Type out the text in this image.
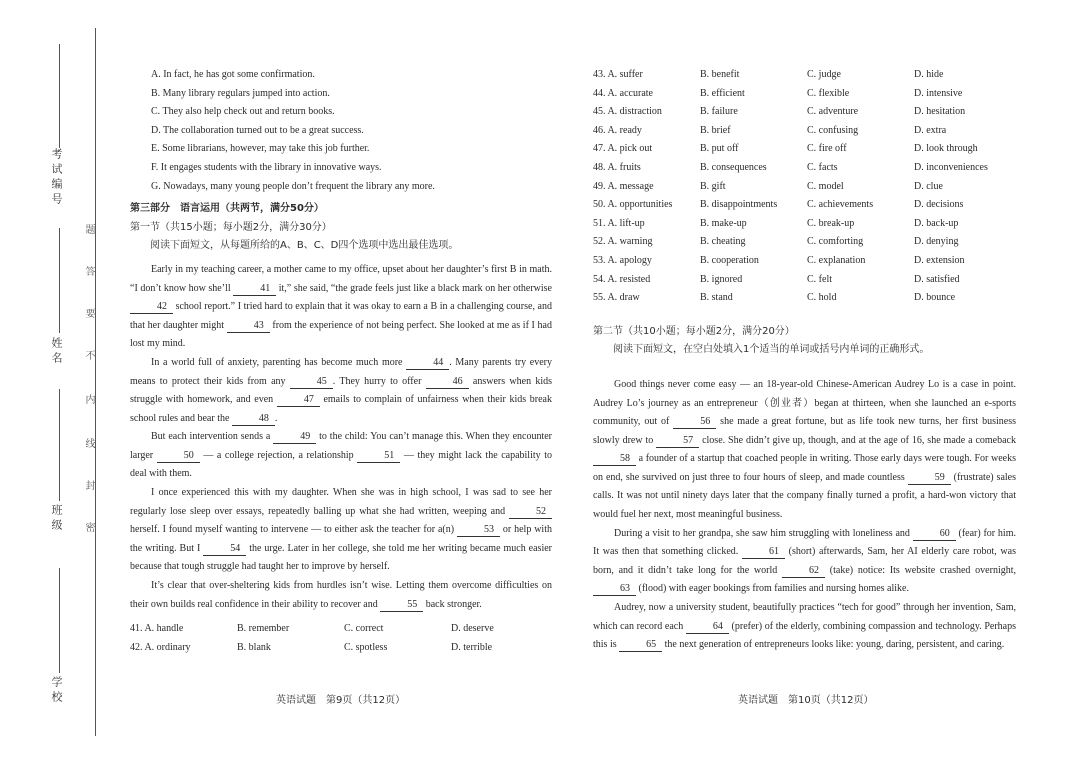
考试编号
姓名
班级
学校
题
答
要
不
内
线
封
密
A. In fact, he has got some confirmation.
B. Many library regulars jumped into action.
C. They also help check out and return books.
D. The collaboration turned out to be a great success.
E. Some librarians, however, may take this job further.
F. It engages students with the library in innovative ways.
G. Nowadays, many young people don’t frequent the library any more.
第三部分　语言运用（共两节，满分50分）
第一节（共15小题；每小题2分，满分30分）
阅读下面短文，从每题所给的A、B、C、D四个选项中选出最佳选项。

Early in my teaching career, a mother came to my office, upset about her daughter’s first B in math. “I don’t know how she’ll	41 it,” she said, “the grade feels just like a black mark on her otherwise 42 school report.” I tried hard to explain that it was okay to earn a B in a challenging course, and that her daughter might	43 from the experience of not being perfect. She looked at me as if I had lost my mind.

In a world full of anxiety, parenting has become much more	44 . Many parents try every means to protect their kids from any	45 . They hurry to offer	46 answers when kids struggle with homework, and even	47 emails to complain of unfairness when their kids break school rules and bear the	48 .

But each intervention sends a	49 to the child: You can’t manage this. When they encounter larger	50 — a college rejection, a relationship	51 — they might lack the capability to deal with them.

I once experienced this with my daughter. When she was in high school, I was sad to see her regularly lose sleep over essays, repeatedly balling up what she had written, weeping and	52 herself. I found myself wanting to intervene — to either ask the teacher for a(n)	53 or help with the writing. But I	54 the urge. Later in her college, she told me her writing became much easier because that tough struggle had taught her to improve by herself.

It’s clear that over-sheltering kids from hurdles isn’t wise. Letting them overcome difficulties on their own builds real confidence in their ability to recover and	55 back stronger.

41. A. handle	B. remember	C. correct	D. deserve
42. A. ordinary	B. blank	C. spotless	D. terrible
英语试题　第9页（共12页）
43. A. suffer	B. benefit	C. judge	D. hide
44. A. accurate	B. efficient	C. flexible	D. intensive
45. A. distraction	B. failure	C. adventure	D. hesitation
46. A. ready	B. brief	C. confusing	D. extra
47. A. pick out	B. put off	C. fire off	D. look through
48. A. fruits	B. consequences	C. facts	D. inconveniences
49. A. message	B. gift	C. model	D. clue
50. A. opportunities	B. disappointments	C. achievements	D. decisions
51. A. lift-up	B. make-up	C. break-up	D. back-up
52. A. warning	B. cheating	C. comforting	D. denying
53. A. apology	B. cooperation	C. explanation	D. extension
54. A. resisted	B. ignored	C. felt	D. satisfied
55. A. draw	B. stand	C. hold	D. bounce
第二节（共10小题；每小题2分，满分20分）
阅读下面短文，在空白处填入1个适当的单词或括号内单词的正确形式。

Good things never come easy — an 18-year-old Chinese-American Audrey Lo is a case in point. Audrey Lo’s journey as an entrepreneur（创业者）began at thirteen, when she launched an e-sports community, out of	56 she made a great fortune, but as life took new turns, her first business slowly drew to	57 close. She didn’t give up, though, and at the age of 16, she made a comeback 58 a founder of a startup that coached people in writing. Those early days were tough. For weeks on end, she survived on just three to four hours of sleep, and made countless	59 (frustrate) sales calls. It was not until ninety days later that the company finally turned a profit, a hard-won victory that would fuel her next, most meaningful business.

During a visit to her grandpa, she saw him struggling with loneliness and	60 (fear) for him. It was then that something clicked.	61 (short) afterwards, Sam, her AI elderly care robot, was born, and it didn’t take long for the world	62 (take) notice: Its website crashed overnight, 63 (flood) with eager bookings from families and nursing homes alike.

Audrey, now a university student, beautifully practices “tech for good” through her invention, Sam, which can record each	64 (prefer) of the elderly, combining compassion and technology. Perhaps this is	65 the next generation of entrepreneurs looks like: young, daring, persistent, and caring.

英语试题　第10页（共12页）
